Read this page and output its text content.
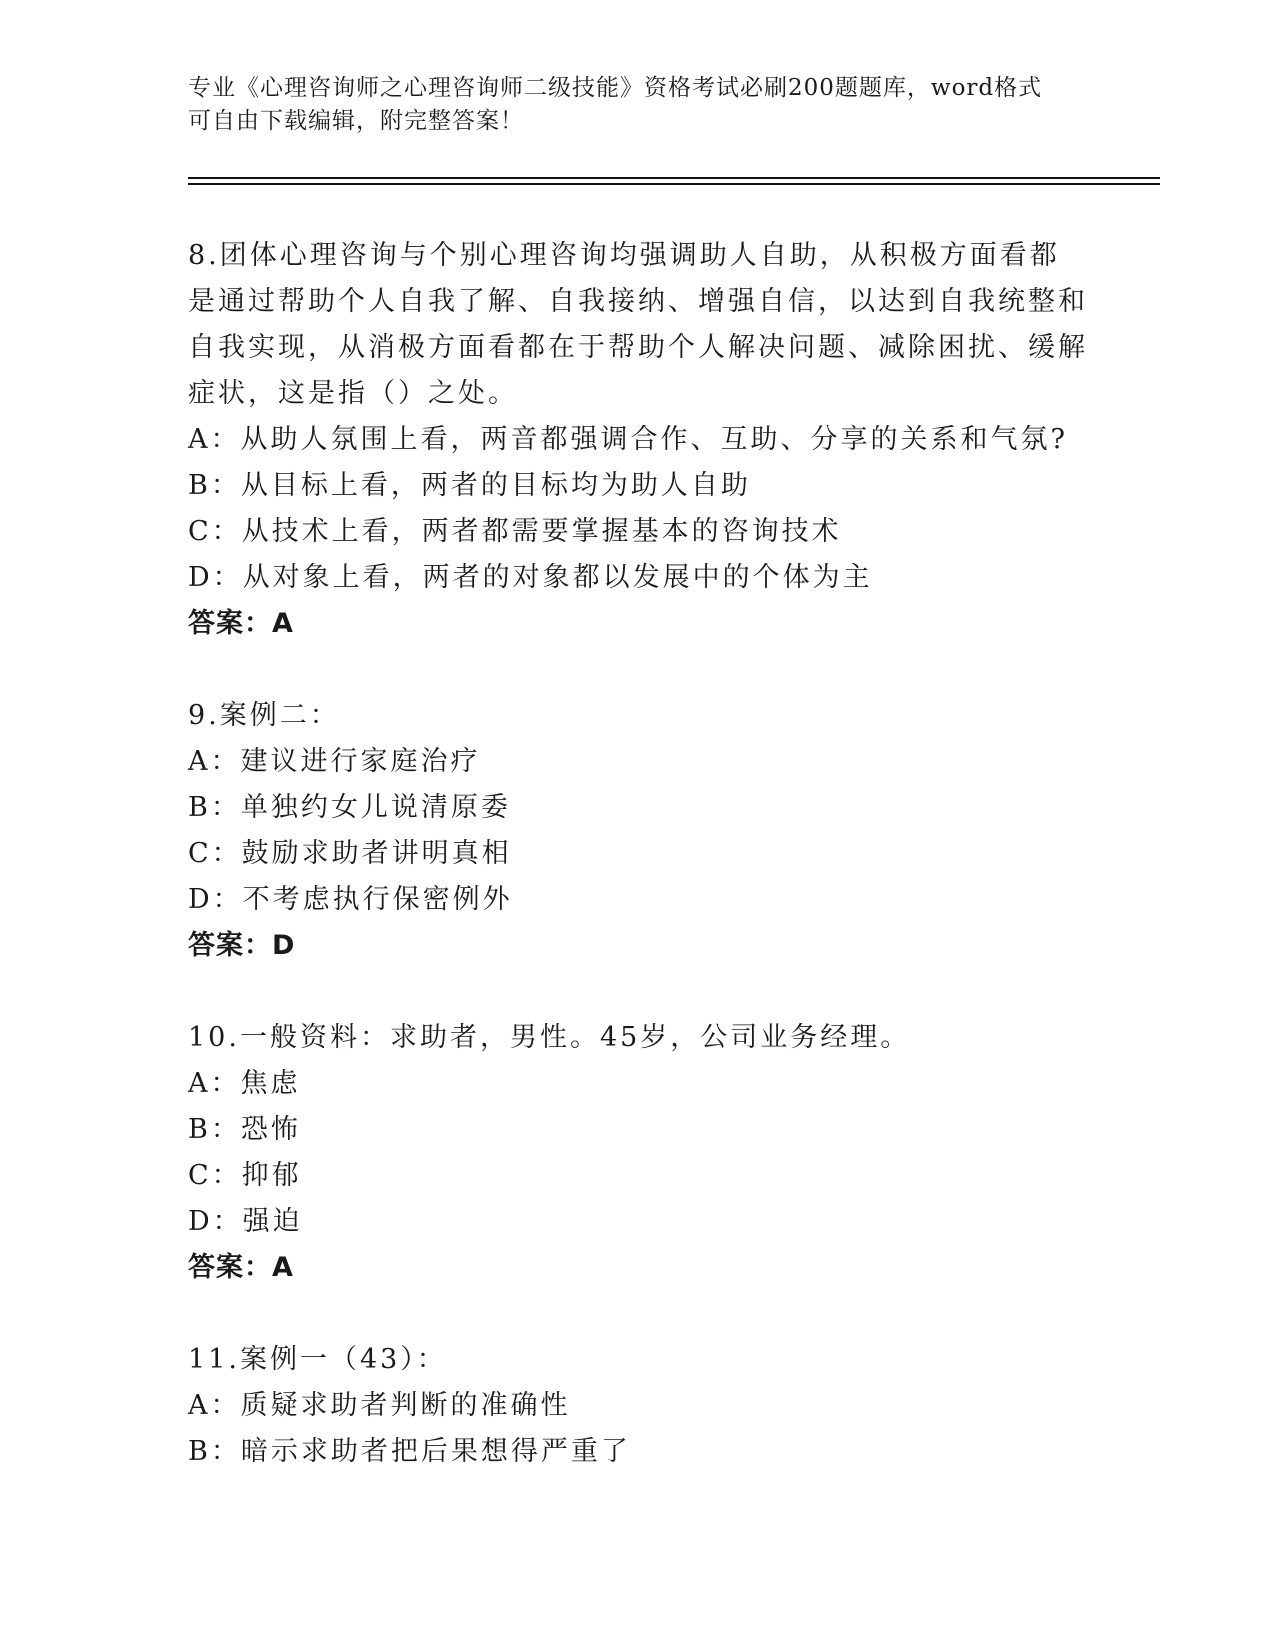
专业《心理咨询师之心理咨询师二级技能》资格考试必刷200题题库，word格式
可自由下载编辑，附完整答案！
8.团体心理咨询与个别心理咨询均强调助人自助，从积极方面看都是通过帮助个人自我了解、自我接纳、增强自信，以达到自我统整和自我实现，从消极方面看都在于帮助个人解决问题、减除困扰、缓解症状，这是指（）之处。
A：从助人氛围上看，两音都强调合作、互助、分享的关系和气氛?
B：从目标上看，两者的目标均为助人自助
C：从技术上看，两者都需要掌握基本的咨询技术
D：从对象上看，两者的对象都以发展中的个体为主
答案：A
9.案例二：
A：建议进行家庭治疗
B：单独约女儿说清原委
C：鼓励求助者讲明真相
D：不考虑执行保密例外
答案：D
10.一般资料：求助者，男性。45岁，公司业务经理。
A：焦虑
B：恐怖
C：抑郁
D：强迫
答案：A
11.案例一（43）：
A：质疑求助者判断的准确性
B：暗示求助者把后果想得严重了
